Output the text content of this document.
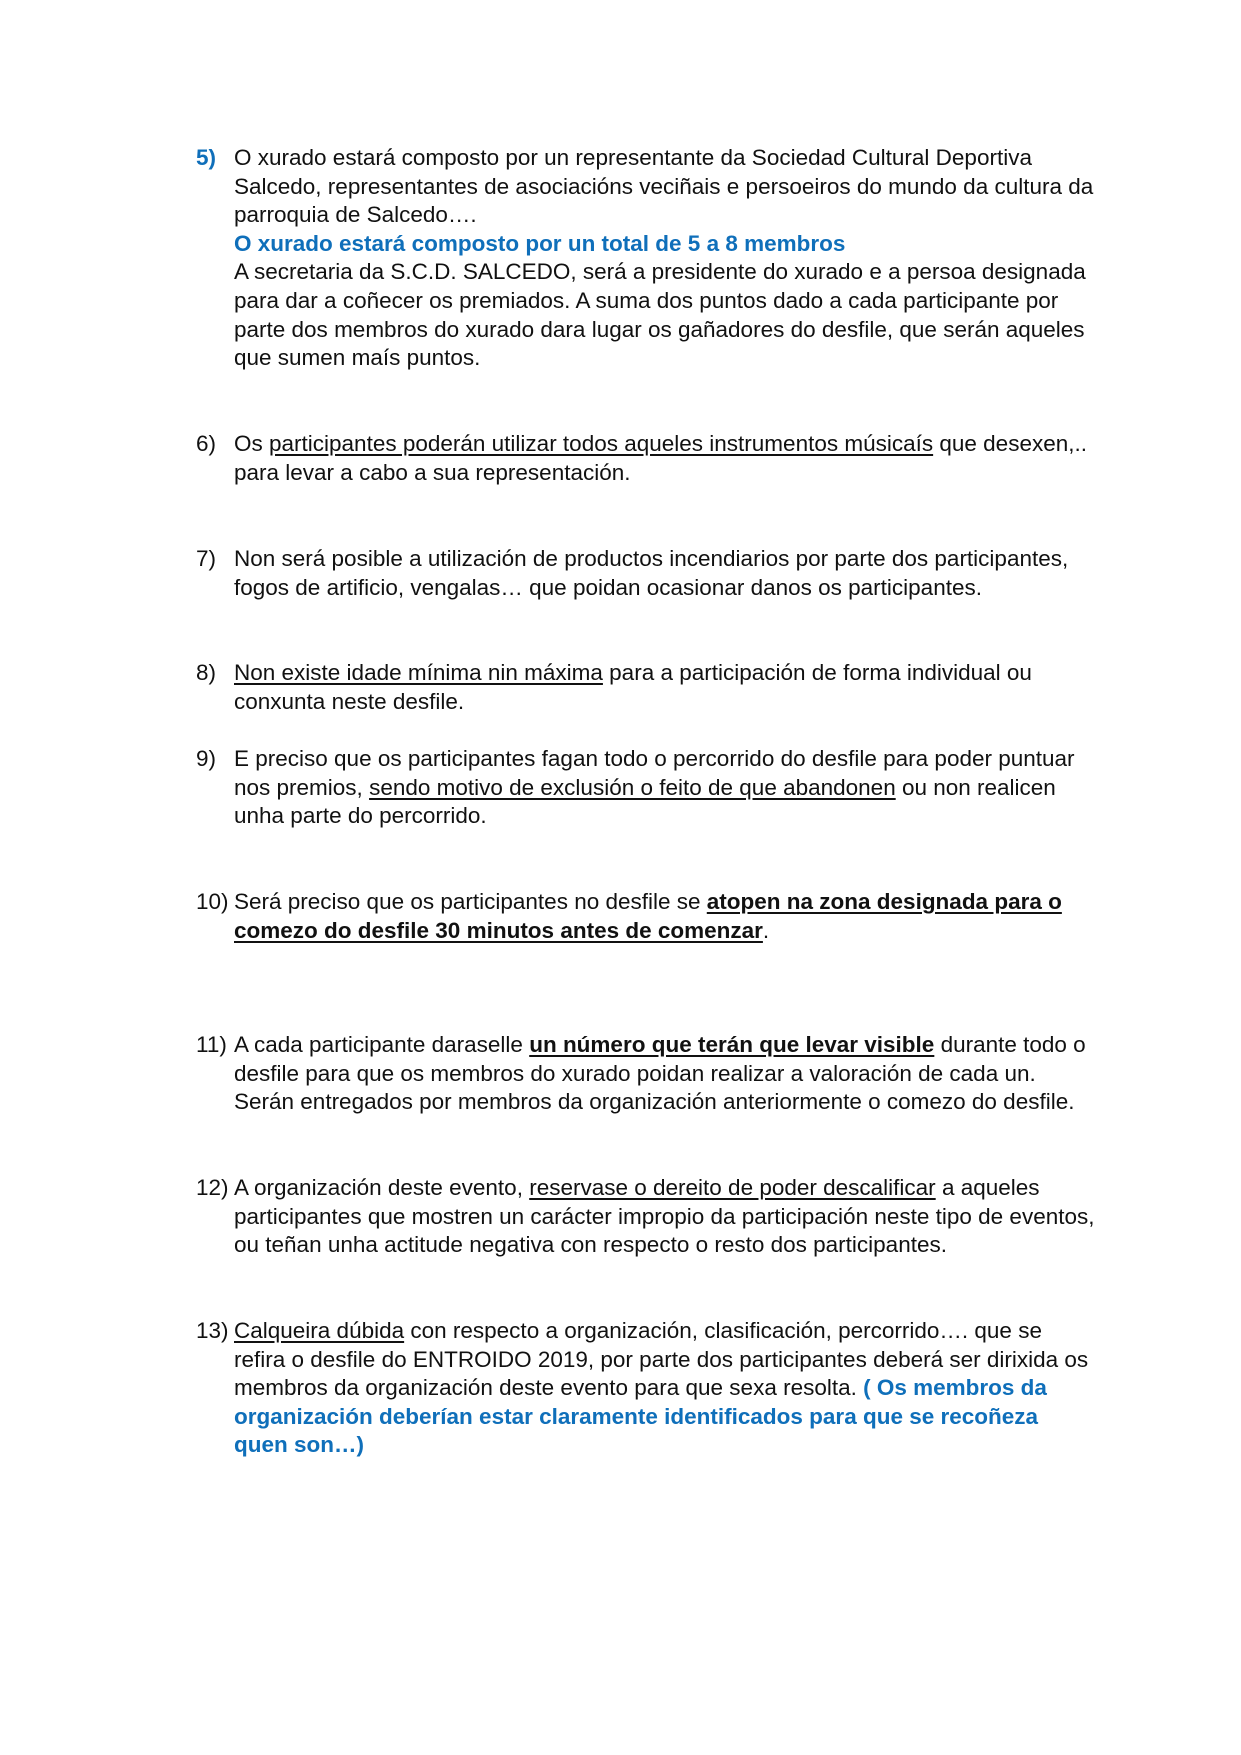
5) O xurado estará composto por un representante da Sociedad Cultural Deportiva Salcedo, representantes de asociacións veciñais e persoeiros do mundo da cultura da parroquia de Salcedo….
O xurado estará composto por un total de 5 a 8 membros
A secretaria da S.C.D. SALCEDO, será a presidente do xurado e a persoa designada para dar a coñecer os premiados. A suma dos puntos dado a cada participante por parte dos membros do xurado dara lugar os gañadores do desfile, que serán aqueles que sumen maís puntos.
6) Os participantes poderán utilizar todos aqueles instrumentos músicaís que desexen,.. para levar a cabo a sua representación.
7) Non será posible a utilización de productos incendiarios por parte dos participantes, fogos de artificio, vengalas… que poidan ocasionar danos os participantes.
8) Non existe idade mínima nin máxima para a participación de forma individual ou conxunta neste desfile.
9) E preciso que os participantes fagan todo o percorrido do desfile para poder puntuar nos premios, sendo motivo de exclusión o feito de que abandonen ou non realicen unha parte do percorrido.
10) Será preciso que os participantes no desfile se atopen na zona designada para o comezo do desfile 30 minutos antes de comenzar.
11) A cada participante daraselle un número que terán que levar visible durante todo o desfile para que os membros do xurado poidan realizar a valoración de cada un. Serán entregados por membros da organización anteriormente o comezo do desfile.
12) A organización deste evento, reservase o dereito de poder descalificar a aqueles participantes que mostren un carácter impropio da participación neste tipo de eventos, ou teñan unha actitude negativa con respecto o resto dos participantes.
13) Calqueira dúbida con respecto a organización, clasificación, percorrido…. que se refira o desfile do ENTROIDO 2019, por parte dos participantes deberá ser dirixida os membros da organización deste evento para que sexa resolta. ( Os membros da organización deberían estar claramente identificados para que se recoñeza quen son…)
